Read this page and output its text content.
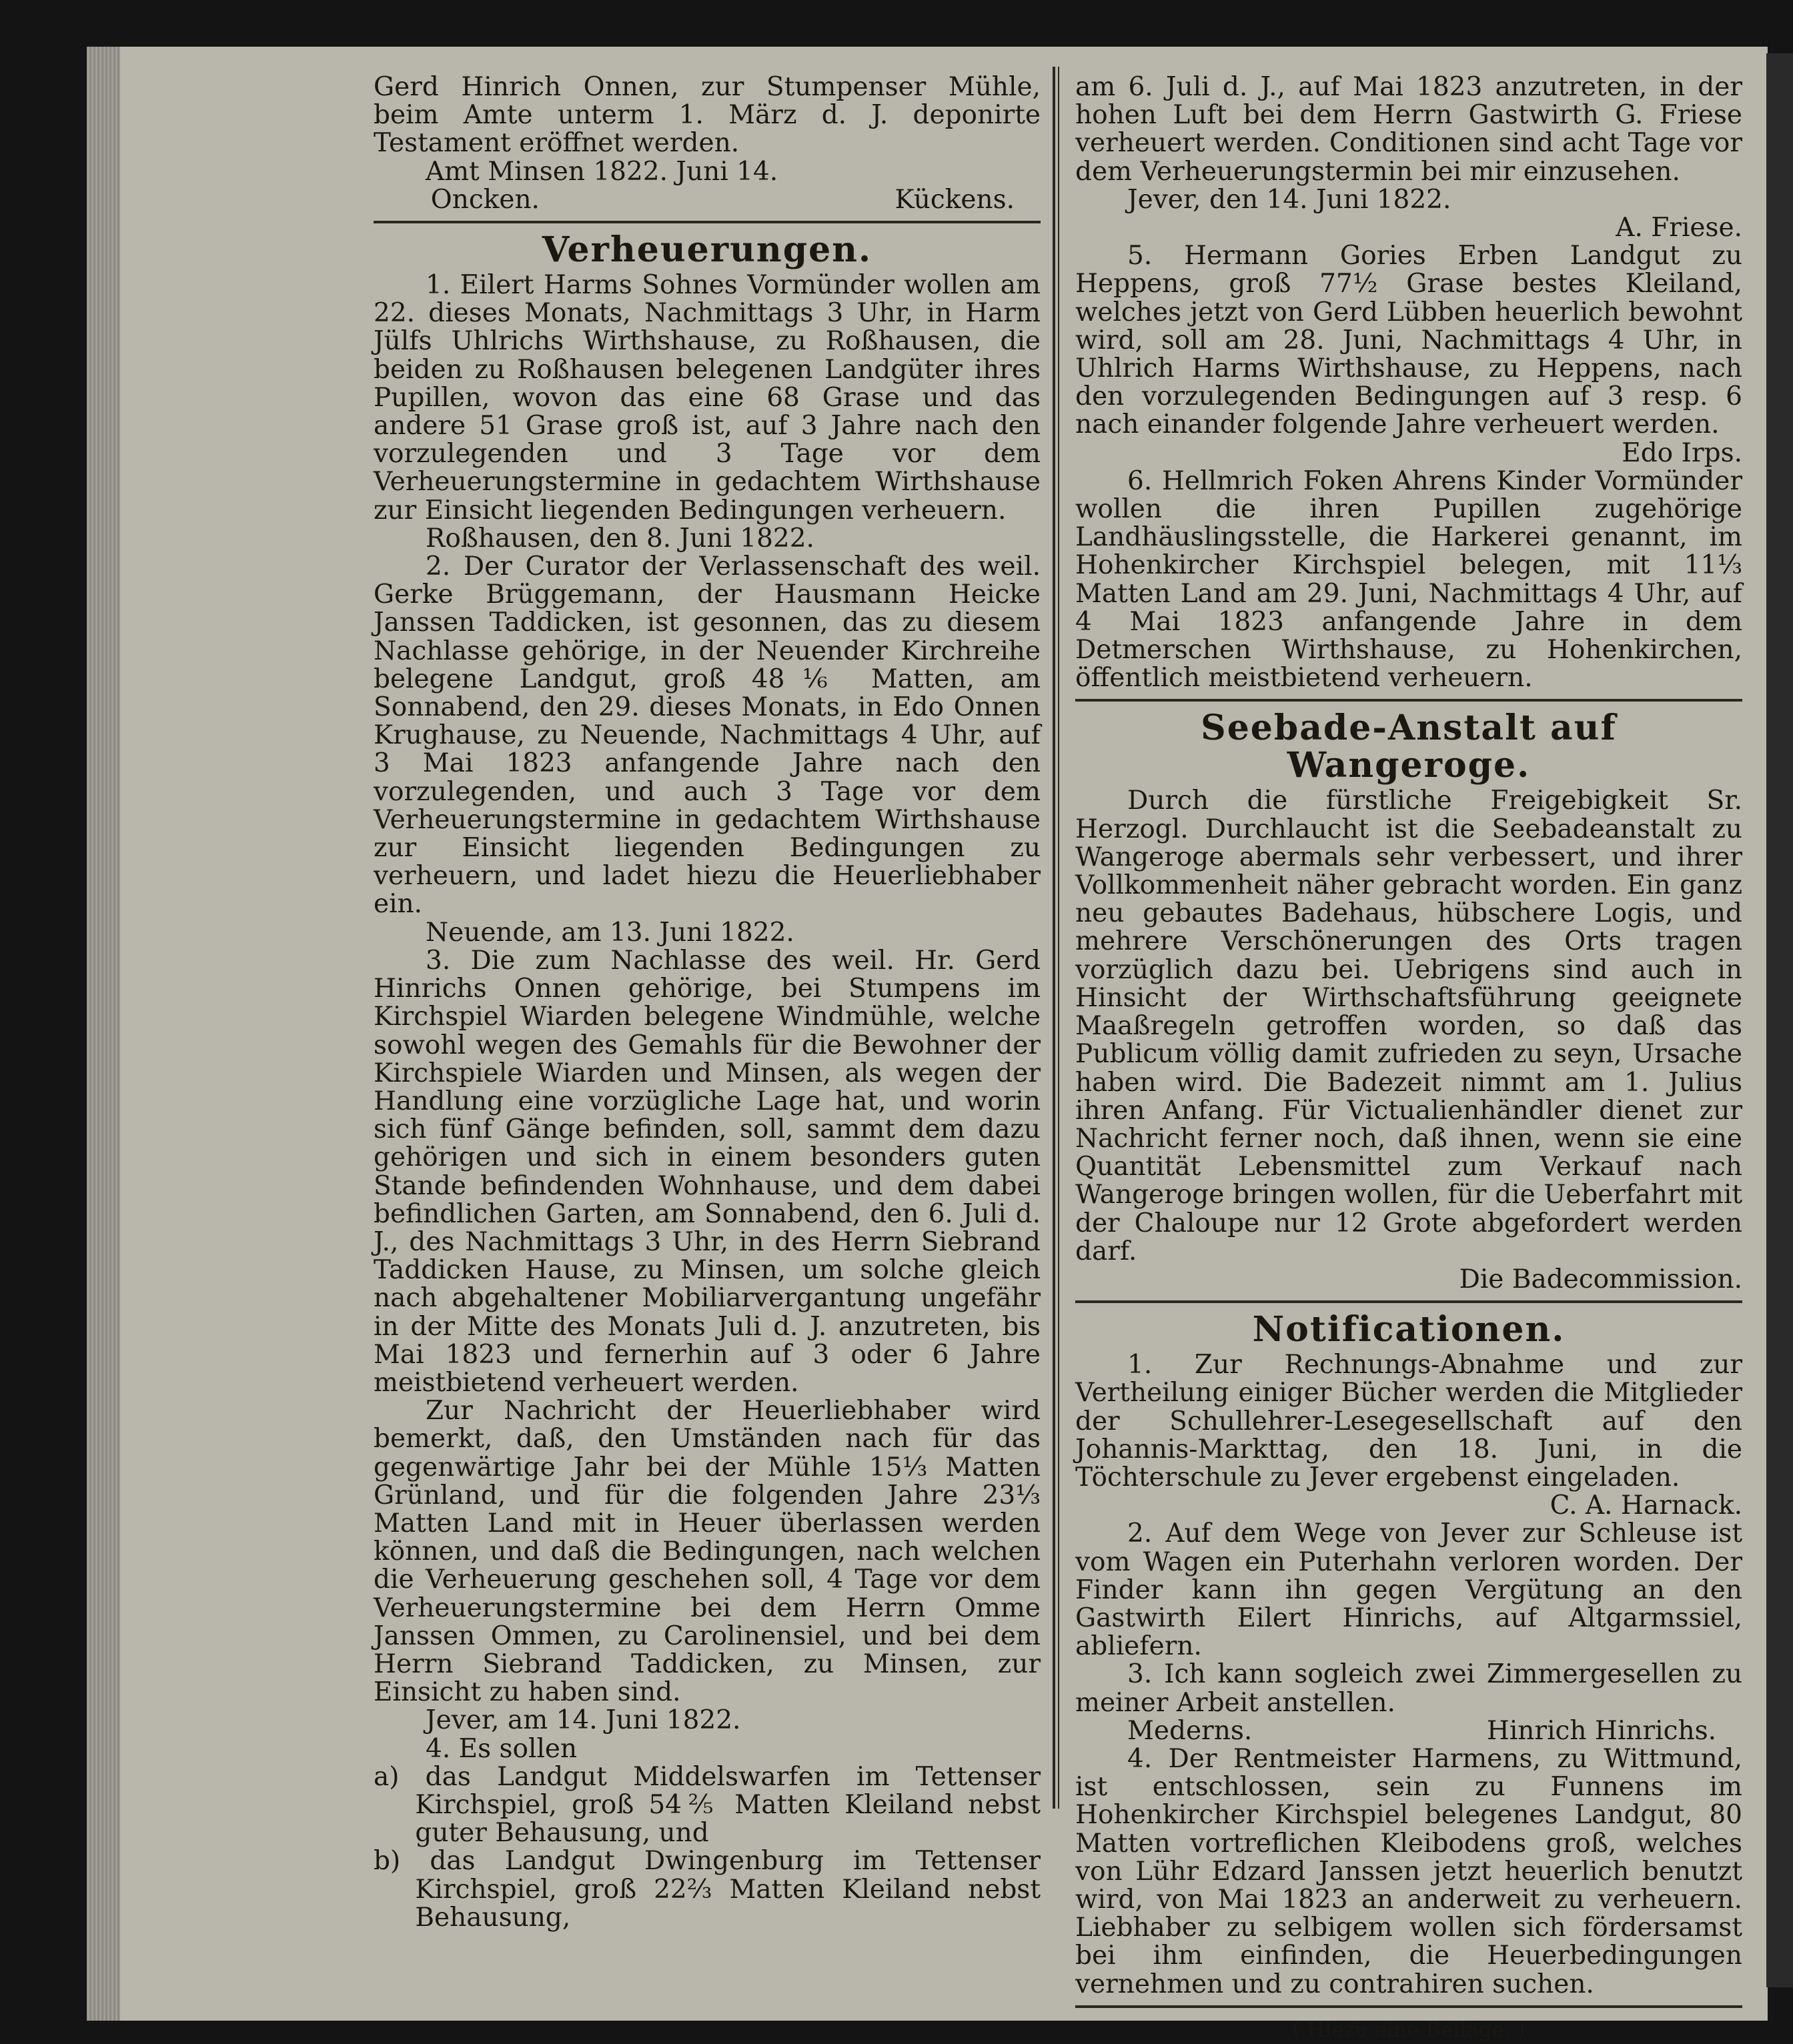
Gerd Hinrich Onnen, zur Stumpenser Mühle, beim Amte unterm 1. März d. J. deponirte Testament eröffnet werden.

Amt Minsen 1822. Juni 14.

Oncken.	Kückens.
Verheuerungen.

1. Eilert Harms Sohnes Vormünder wollen am 22. dieses Monats, Nachmittags 3 Uhr, in Harm Jülfs Uhlrichs Wirthshause, zu Roßhausen, die beiden zu Roßhausen belegenen Landgüter ihres Pupillen, wovon das eine 68 Grase und das andere 51 Grase groß ist, auf 3 Jahre nach den vorzulegenden und 3 Tage vor dem Verheuerungstermine in gedachtem Wirthshause zur Einsicht liegenden Bedingungen verheuern.

Roßhausen, den 8. Juni 1822.

2. Der Curator der Verlassenschaft des weil. Gerke Brüggemann, der Hausmann Heicke Janssen Taddicken, ist gesonnen, das zu diesem Nachlasse gehörige, in der Neuender Kirchreihe belegene Landgut, groß 48⅙ Matten, am Sonnabend, den 29. dieses Monats, in Edo Onnen Krughause, zu Neuende, Nachmittags 4 Uhr, auf 3 Mai 1823 anfangende Jahre nach den vorzulegenden, und auch 3 Tage vor dem Verheuerungstermine in gedachtem Wirthshause zur Einsicht liegenden Bedingungen zu verheuern, und ladet hiezu die Heuerliebhaber ein.

Neuende, am 13. Juni 1822.

3. Die zum Nachlasse des weil. Hr. Gerd Hinrichs Onnen gehörige, bei Stumpens im Kirchspiel Wiarden belegene Windmühle, welche sowohl wegen des Gemahls für die Bewohner der Kirchspiele Wiarden und Minsen, als wegen der Handlung eine vorzügliche Lage hat, und worin sich fünf Gänge befinden, soll, sammt dem dazu gehörigen und sich in einem besonders guten Stande befindenden Wohnhause, und dem dabei befindlichen Garten, am Sonnabend, den 6. Juli d. J., des Nachmittags 3 Uhr, in des Herrn Siebrand Taddicken Hause, zu Minsen, um solche gleich nach abgehaltener Mobiliarvergantung ungefähr in der Mitte des Monats Juli d. J. anzutreten, bis Mai 1823 und fernerhin auf 3 oder 6 Jahre meistbietend verheuert werden.

Zur Nachricht der Heuerliebhaber wird bemerkt, daß, den Umständen nach für das gegenwärtige Jahr bei der Mühle 15⅓ Matten Grünland, und für die folgenden Jahre 23⅓ Matten Land mit in Heuer überlassen werden können, und daß die Bedingungen, nach welchen die Verheuerung geschehen soll, 4 Tage vor dem Verheuerungstermine bei dem Herrn Omme Janssen Ommen, zu Carolinensiel, und bei dem Herrn Siebrand Taddicken, zu Minsen, zur Einsicht zu haben sind.

Jever, am 14. Juni 1822.

4. Es sollen

a) das Landgut Middelswarfen im Tettenser Kirchspiel, groß 54⅖ Matten Kleiland nebst guter Behausung, und

b) das Landgut Dwingenburg im Tettenser Kirchspiel, groß 22⅔ Matten Kleiland nebst Behausung,

am 6. Juli d. J., auf Mai 1823 anzutreten, in der hohen Luft bei dem Herrn Gastwirth G. Friese verheuert werden. Conditionen sind acht Tage vor dem Verheuerungstermin bei mir einzusehen.

Jever, den 14. Juni 1822.

A. Friese.

5. Hermann Gories Erben Landgut zu Heppens, groß 77½ Grase bestes Kleiland, welches jetzt von Gerd Lübben heuerlich bewohnt wird, soll am 28. Juni, Nachmittags 4 Uhr, in Uhlrich Harms Wirthshause, zu Heppens, nach den vorzulegenden Bedingungen auf 3 resp. 6 nach einander folgende Jahre verheuert werden.

Edo Irps.

6. Hellmrich Foken Ahrens Kinder Vormünder wollen die ihren Pupillen zugehörige Landhäuslingsstelle, die Harkerei genannt, im Hohenkircher Kirchspiel belegen, mit 11⅓ Matten Land am 29. Juni, Nachmittags 4 Uhr, auf 4 Mai 1823 anfangende Jahre in dem Detmerschen Wirthshause, zu Hohenkirchen, öffentlich meistbietend verheuern.

Seebade-Anstalt auf Wangeroge.

Durch die fürstliche Freigebigkeit Sr. Herzogl. Durchlaucht ist die Seebadeanstalt zu Wangeroge abermals sehr verbessert, und ihrer Vollkommenheit näher gebracht worden. Ein ganz neu gebautes Badehaus, hübschere Logis, und mehrere Verschönerungen des Orts tragen vorzüglich dazu bei. Uebrigens sind auch in Hinsicht der Wirthschaftsführung geeignete Maaßregeln getroffen worden, so daß das Publicum völlig damit zufrieden zu seyn, Ursache haben wird. Die Badezeit nimmt am 1. Julius ihren Anfang. Für Victualienhändler dienet zur Nachricht ferner noch, daß ihnen, wenn sie eine Quantität Lebensmittel zum Verkauf nach Wangeroge bringen wollen, für die Ueberfahrt mit der Chaloupe nur 12 Grote abgefordert werden darf.

Die Badecommission.

Notificationen.

1. Zur Rechnungs-Abnahme und zur Vertheilung einiger Bücher werden die Mitglieder der Schullehrer-Lesegesellschaft auf den Johannis-Markttag, den 18. Juni, in die Töchterschule zu Jever ergebenst eingeladen.

C. A. Harnack.

2. Auf dem Wege von Jever zur Schleuse ist vom Wagen ein Puterhahn verloren worden. Der Finder kann ihn gegen Vergütung an den Gastwirth Eilert Hinrichs, auf Altgarmssiel, abliefern.

3. Ich kann sogleich zwei Zimmergesellen zu meiner Arbeit anstellen.

Mederns.	Hinrich Hinrichs.

4. Der Rentmeister Harmens, zu Wittmund, ist entschlossen, sein zu Funnens im Hohenkircher Kirchspiel belegenes Landgut, 80 Matten vortreflichen Kleibodens groß, welches von Lühr Edzard Janssen jetzt heuerlich benutzt wird, von Mai 1823 an anderweit zu verheuern. Liebhaber zu selbigem wollen sich fördersamst bei ihm einfinden, die Heuerbedingungen vernehmen und zu contrahiren suchen.

( Hiezu eine Beilage. )
